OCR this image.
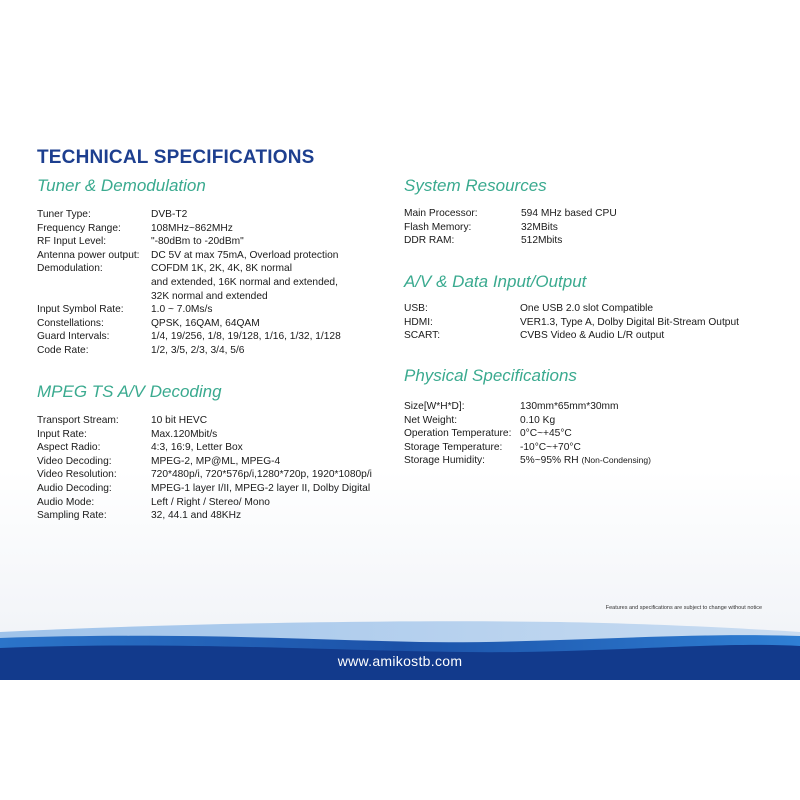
TECHNICAL SPECIFICATIONS
Tuner & Demodulation
Tuner Type:	DVB-T2
Frequency Range:	108MHz~862MHz
RF Input Level:	"-80dBm to -20dBm"
Antenna power output:	DC 5V at max 75mA, Overload protection
Demodulation:	COFDM 1K, 2K, 4K, 8K normal
and extended, 16K normal and extended,
32K normal and extended
Input Symbol Rate:	1.0 ~ 7.0Ms/s
Constellations:	QPSK, 16QAM, 64QAM
Guard Intervals:	1/4, 19/256, 1/8, 19/128, 1/16, 1/32, 1/128
Code Rate:	1/2, 3/5, 2/3, 3/4, 5/6
MPEG TS A/V Decoding
Transport Stream:	10 bit HEVC
Input Rate:	Max.120Mbit/s
Aspect Radio:	4:3, 16:9, Letter Box
Video Decoding:	MPEG-2, MP@ML, MPEG-4
Video Resolution:	720*480p/i, 720*576p/i,1280*720p, 1920*1080p/i
Audio Decoding:	MPEG-1 layer I/II, MPEG-2 layer II, Dolby Digital
Audio Mode:	Left / Right / Stereo/ Mono
Sampling Rate:	32, 44.1 and 48KHz
System Resources
Main Processor:	594 MHz based CPU
Flash Memory:	32MBits
DDR RAM:	512Mbits
A/V & Data Input/Output
USB:	One USB 2.0 slot Compatible
HDMI:	VER1.3, Type A, Dolby Digital Bit-Stream Output
SCART:	CVBS Video & Audio L/R output
Physical Specifications
Size[W*H*D]:	130mm*65mm*30mm
Net Weight:	0.10 Kg
Operation Temperature: 0°C~+45°C
Storage Temperature:	-10°C~+70°C
Storage Humidity:	5%~95% RH (Non-Condensing)
Features and specifications are subject to change without notice
www.amikostb.com
